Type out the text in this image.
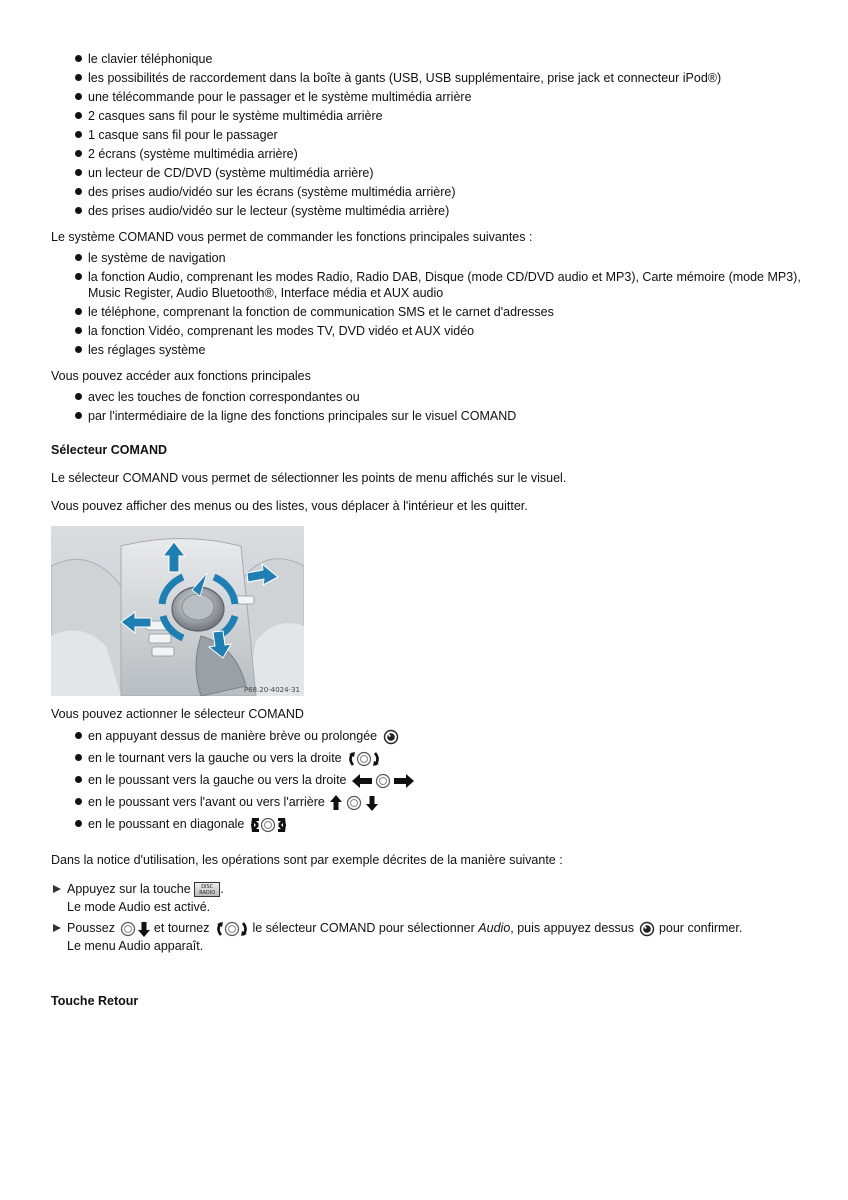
le clavier téléphonique
les possibilités de raccordement dans la boîte à gants (USB, USB supplémentaire, prise jack et connecteur iPod®)
une télécommande pour le passager et le système multimédia arrière
2 casques sans fil pour le système multimédia arrière
1 casque sans fil pour le passager
2 écrans (système multimédia arrière)
un lecteur de CD/DVD (système multimédia arrière)
des prises audio/vidéo sur les écrans (système multimédia arrière)
des prises audio/vidéo sur le lecteur (système multimédia arrière)

Le système COMAND vous permet de commander les fonctions principales suivantes :

le système de navigation
la fonction Audio, comprenant les modes Radio, Radio DAB, Disque (mode CD/DVD audio et MP3), Carte mémoire (mode MP3), Music Register, Audio Bluetooth®, Interface média et AUX audio
le téléphone, comprenant la fonction de communication SMS et le carnet d'adresses
la fonction Vidéo, comprenant les modes TV, DVD vidéo et AUX vidéo
les réglages système

Vous pouvez accéder aux fonctions principales

avec les touches de fonction correspondantes ou
par l'intermédiaire de la ligne des fonctions principales sur le visuel COMAND

Sélecteur COMAND

Le sélecteur COMAND vous permet de sélectionner les points de menu affichés sur le visuel.

Vous pouvez afficher des menus ou des listes, vous déplacer à l'intérieur et les quitter.

P68.20-4024-31

Vous pouvez actionner le sélecteur COMAND

en appuyant dessus de manière brève ou prolongée
en le tournant vers la gauche ou vers la droite
en le poussant vers la gauche ou vers la droite
en le poussant vers l'avant ou vers l'arrière
en le poussant en diagonale

Dans la notice d'utilisation, les opérations sont par exemple décrites de la manière suivante :

Appuyez sur la touche DISC
RADIO .
Le mode Audio est activé.
Poussez	et tournez	le sélecteur COMAND pour sélectionner Audio, puis appuyez dessus pour confirmer.
Le menu Audio apparaît.

Touche Retour
